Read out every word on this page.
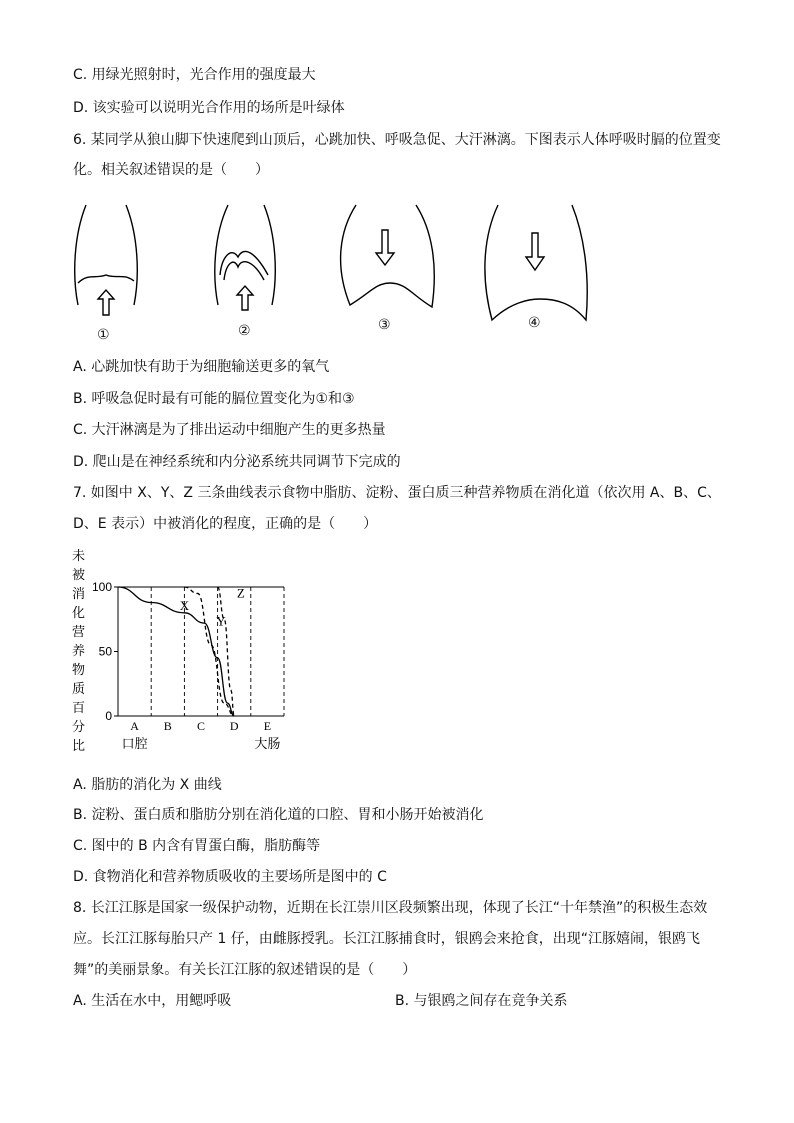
C. 用绿光照射时，光合作用的强度最大
D. 该实验可以说明光合作用的场所是叶绿体
6. 某同学从狼山脚下快速爬到山顶后，心跳加快、呼吸急促、大汗淋漓。下图表示人体呼吸时膈的位置变
化。相关叙述错误的是（　　）
①	②	③	④
A. 心跳加快有助于为细胞输送更多的氧气
B. 呼吸急促时最有可能的膈位置变化为①和③
C. 大汗淋漓是为了排出运动中细胞产生的更多热量
D. 爬山是在神经系统和内分泌系统共同调节下完成的
7. 如图中 X、Y、Z 三条曲线表示食物中脂肪、淀粉、蛋白质三种营养物质在消化道（依次用 A、B、C、
D、E 表示）中被消化的程度，正确的是（　　）
未被消化营养物质百分比
100
50
0
X
Y
Z
A
口腔
B C D E
大肠
A. 脂肪的消化为 X 曲线
B. 淀粉、蛋白质和脂肪分别在消化道的口腔、胃和小肠开始被消化
C. 图中的 B 内含有胃蛋白酶，脂肪酶等
D. 食物消化和营养物质吸收的主要场所是图中的 C
8. 长江江豚是国家一级保护动物，近期在长江崇川区段频繁出现，体现了长江“十年禁渔”的积极生态效
应。长江江豚每胎只产 1 仔，由雌豚授乳。长江江豚捕食时，银鸥会来抢食，出现“江豚嬉闹，银鸥飞
舞”的美丽景象。有关长江江豚的叙述错误的是（　　）
A. 生活在水中，用鳃呼吸	B. 与银鸥之间存在竞争关系
